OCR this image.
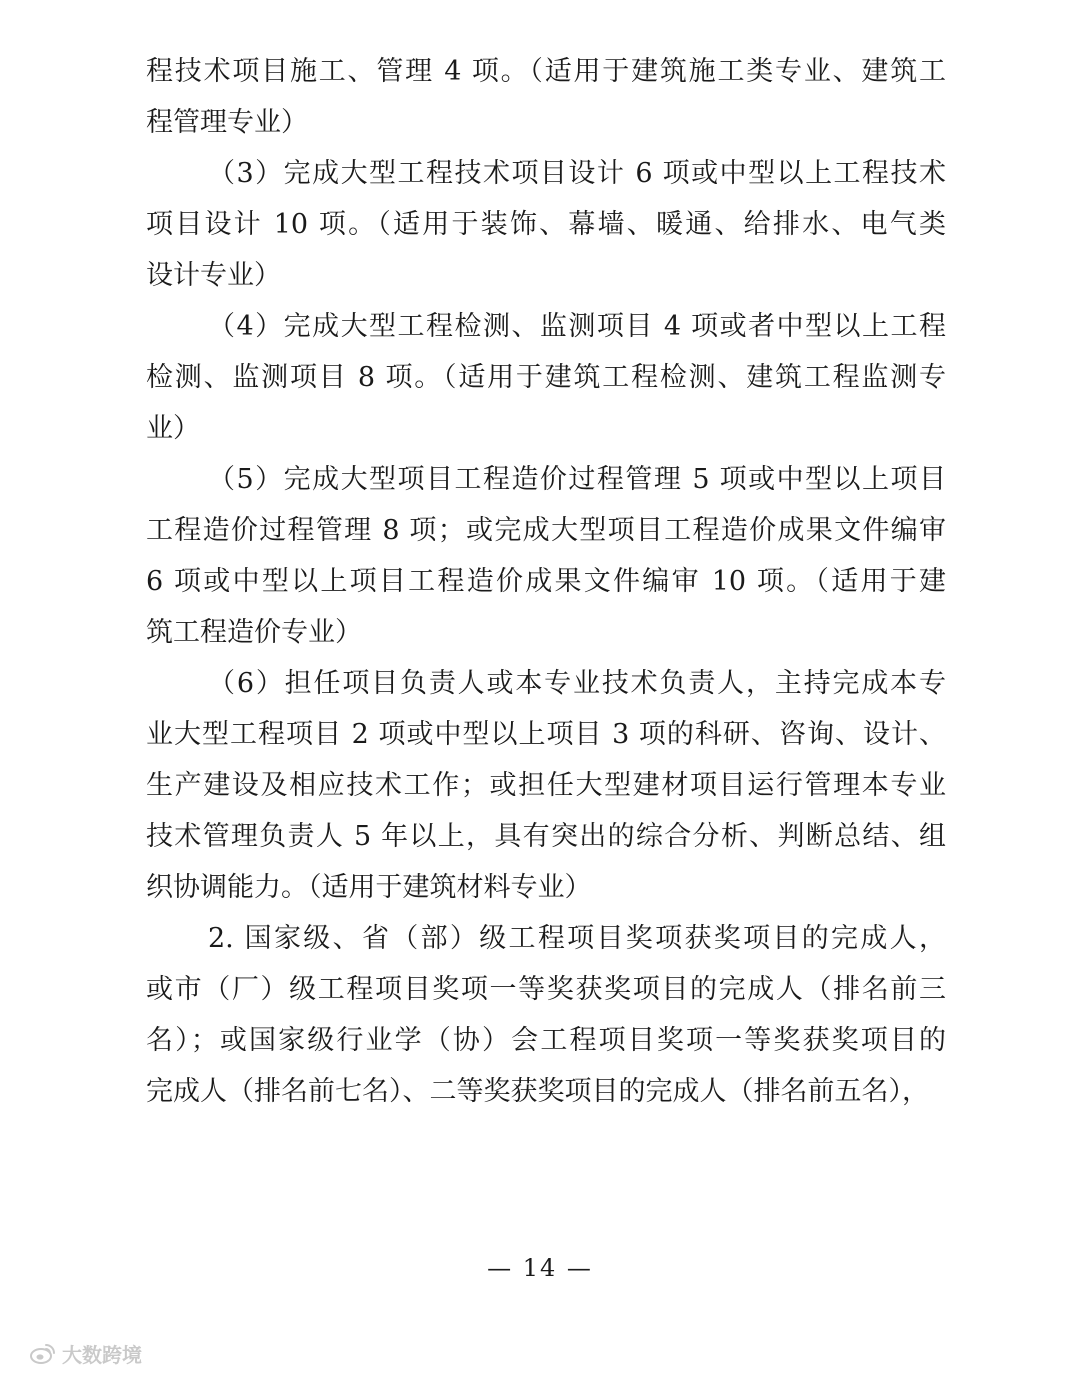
程技术项目施工、管理 4 项。（适用于建筑施工类专业、建筑工
程管理专业）
（3）完成大型工程技术项目设计 6 项或中型以上工程技术
项目设计 10 项。（适用于装饰、幕墙、暖通、给排水、电气类
设计专业）
（4）完成大型工程检测、监测项目 4 项或者中型以上工程
检测、监测项目 8 项。（适用于建筑工程检测、建筑工程监测专
业）
（5）完成大型项目工程造价过程管理 5 项或中型以上项目
工程造价过程管理 8 项；或完成大型项目工程造价成果文件编审
6 项或中型以上项目工程造价成果文件编审 10 项。（适用于建
筑工程造价专业）
（6）担任项目负责人或本专业技术负责人，主持完成本专
业大型工程项目 2 项或中型以上项目 3 项的科研、咨询、设计、
生产建设及相应技术工作；或担任大型建材项目运行管理本专业
技术管理负责人 5 年以上，具有突出的综合分析、判断总结、组
织协调能力。（适用于建筑材料专业）
2. 国家级、省（部）级工程项目奖项获奖项目的完成人，
或市（厂）级工程项目奖项一等奖获奖项目的完成人（排名前三
名）；或国家级行业学（协）会工程项目奖项一等奖获奖项目的
完成人（排名前七名）、二等奖获奖项目的完成人（排名前五名），
— 14 —
大数跨境
